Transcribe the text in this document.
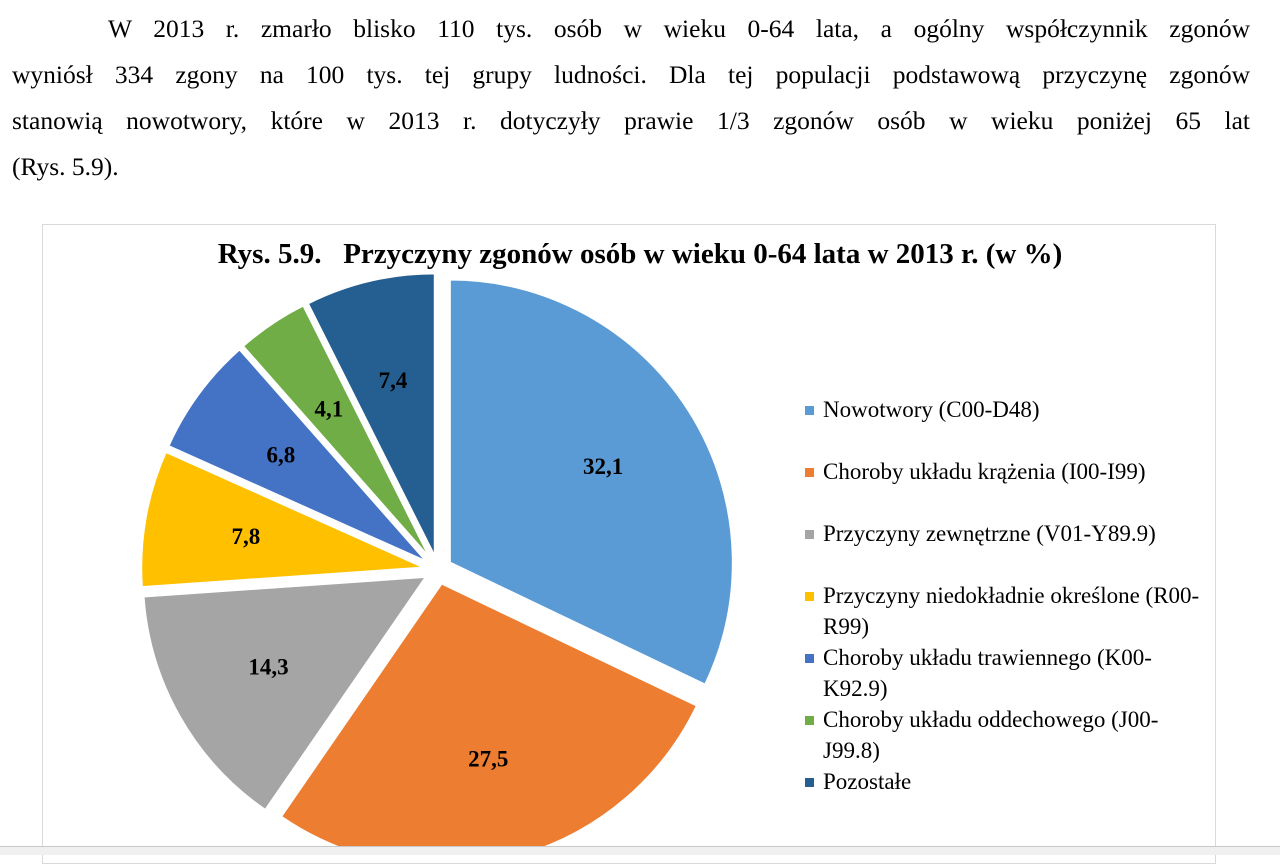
W 2013 r. zmarło blisko 110 tys. osób w wieku 0-64 lata, a ogólny współczynnik zgonów
wyniósł 334 zgony na 100 tys. tej grupy ludności. Dla tej populacji podstawową przyczynę zgonów
stanowią nowotwory, które w 2013 r. dotyczyły prawie 1/3 zgonów osób w wieku poniżej 65 lat
(Rys. 5.9).
Rys. 5.9. Przyczyny zgonów osób w wieku 0-64 lata w 2013 r. (w %)
32,1
27,5
14,3
7,8
6,8
4,1
7,4
Nowotwory (C00-D48)
Choroby układu krążenia (I00-I99)
Przyczyny zewnętrzne (V01-Y89.9)
Przyczyny niedokładnie określone (R00-R99)
Choroby układu trawiennego (K00-K92.9)
Choroby układu oddechowego (J00-J99.8)
Pozostałe
